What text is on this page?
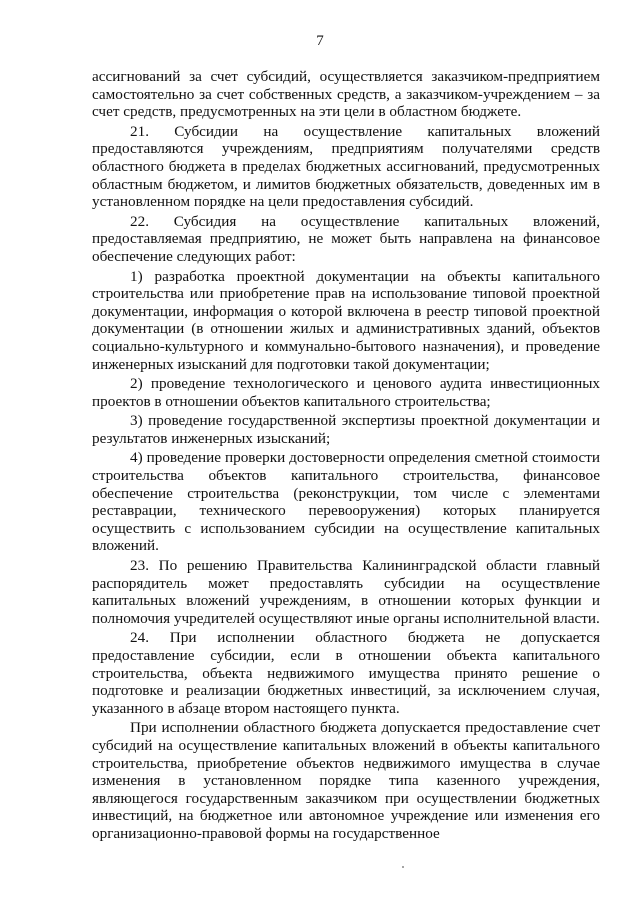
7

ассигнований за счет субсидий, осуществляется заказчиком-предприятием самостоятельно за счет собственных средств, а заказчиком-учреждением – за счет средств, предусмотренных на эти цели в областном бюджете.

21. Субсидии на осуществление капитальных вложений предоставляются учреждениям, предприятиям получателями средств областного бюджета в пределах бюджетных ассигнований, предусмотренных областным бюджетом, и лимитов бюджетных обязательств, доведенных им в установленном порядке на цели предоставления субсидий.

22. Субсидия на осуществление капитальных вложений, предоставляемая предприятию, не может быть направлена на финансовое обеспечение следующих работ:

1) разработка проектной документации на объекты капитального строительства или приобретение прав на использование типовой проектной документации, информация о которой включена в реестр типовой проектной документации (в отношении жилых и административных зданий, объектов социально-культурного и коммунально-бытового назначения), и проведение инженерных изысканий для подготовки такой документации;

2) проведение технологического и ценового аудита инвестиционных проектов в отношении объектов капитального строительства;

3) проведение государственной экспертизы проектной документации и результатов инженерных изысканий;

4) проведение проверки достоверности определения сметной стоимости строительства объектов капитального строительства, финансовое обеспечение строительства (реконструкции, том числе с элементами реставрации, технического перевооружения) которых планируется осуществить с использованием субсидии на осуществление капитальных вложений.

23. По решению Правительства Калининградской области главный распорядитель может предоставлять субсидии на осуществление капитальных вложений учреждениям, в отношении которых функции и полномочия учредителей осуществляют иные органы исполнительной власти.

24. При исполнении областного бюджета не допускается предоставление субсидии, если в отношении объекта капитального строительства, объекта недвижимого имущества принято решение о подготовке и реализации бюджетных инвестиций, за исключением случая, указанного в абзаце втором настоящего пункта.

При исполнении областного бюджета допускается предоставление счет субсидий на осуществление капитальных вложений в объекты капитального строительства, приобретение объектов недвижимого имущества в случае изменения в установленном порядке типа казенного учреждения, являющегося государственным заказчиком при осуществлении бюджетных инвестиций, на бюджетное или автономное учреждение или изменения его организационно-правовой формы на государственное
